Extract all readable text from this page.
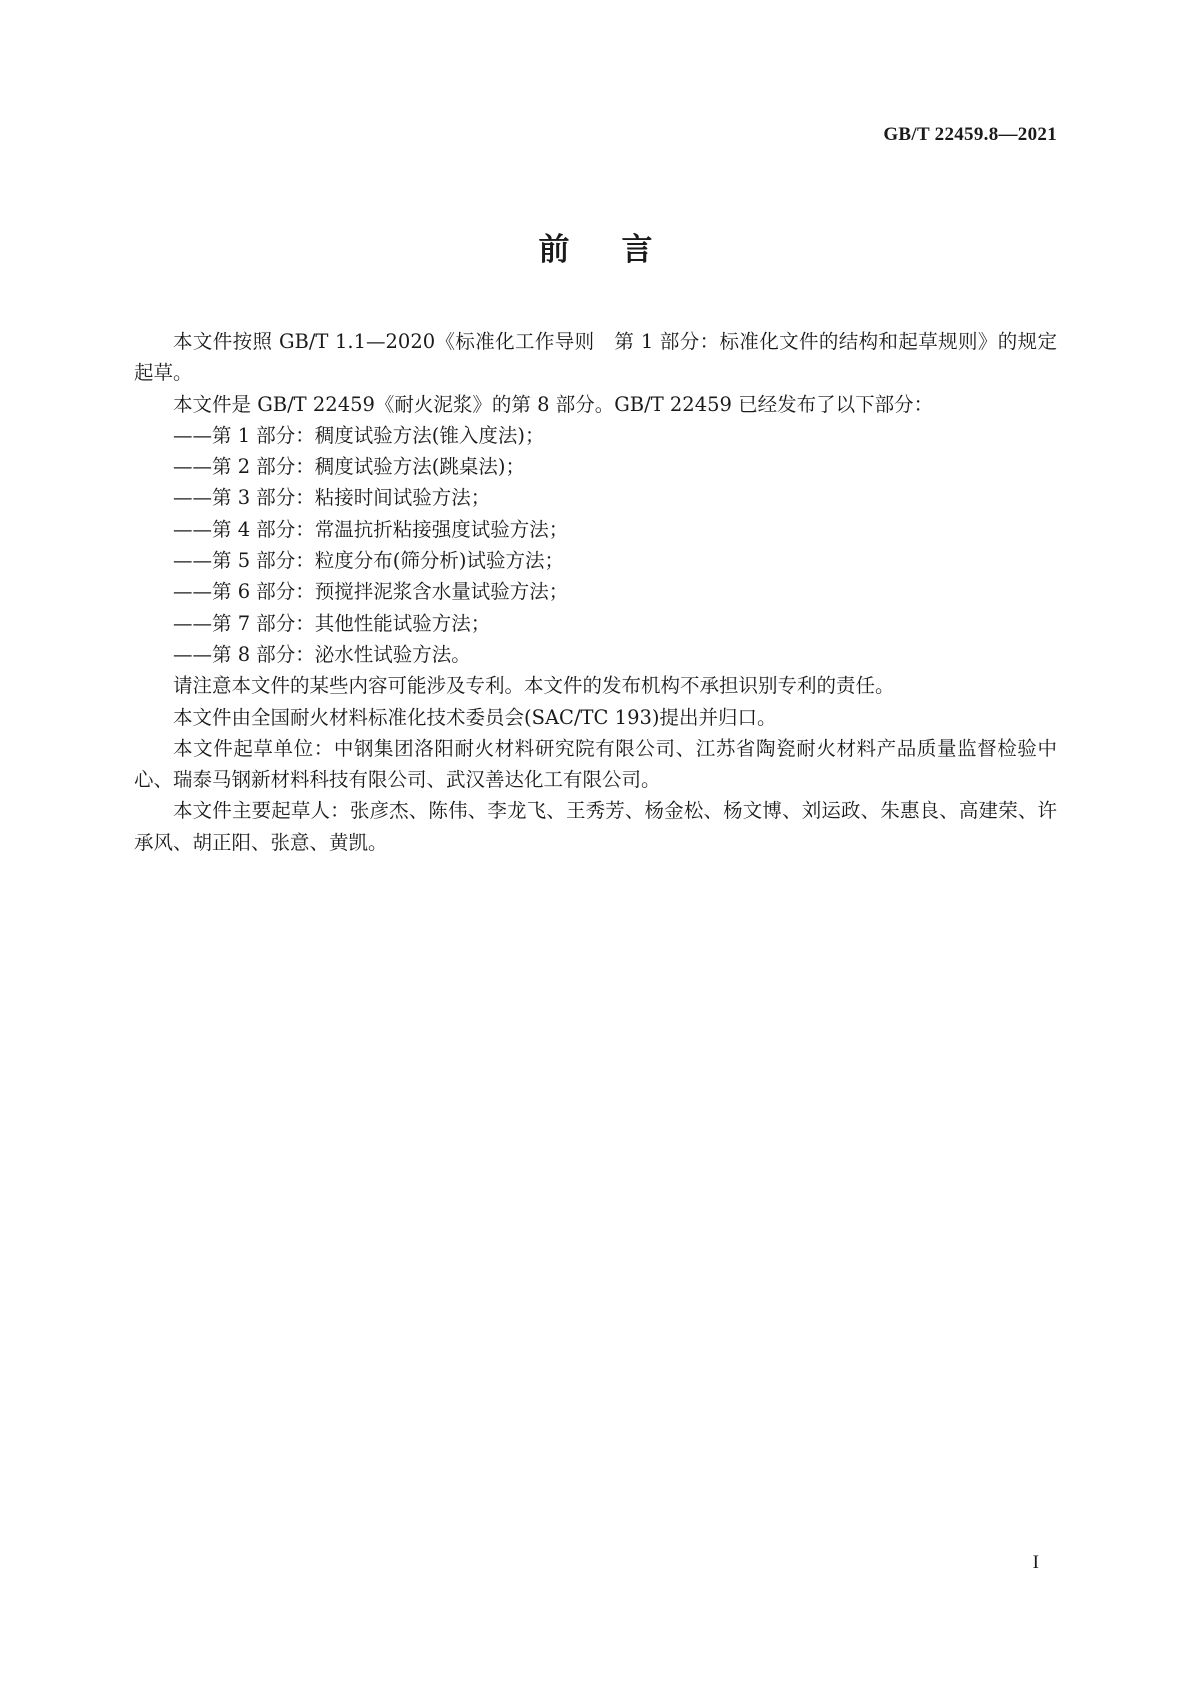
GB/T 22459.8—2021
前言

本文件按照 GB/T 1.1—2020《标准化工作导则　第 1 部分：标准化文件的结构和起草规则》的规定起草。

本文件是 GB/T 22459《耐火泥浆》的第 8 部分。GB/T 22459 已经发布了以下部分：

——第 1 部分：稠度试验方法(锥入度法)；

——第 2 部分：稠度试验方法(跳桌法)；

——第 3 部分：粘接时间试验方法；

——第 4 部分：常温抗折粘接强度试验方法；

——第 5 部分：粒度分布(筛分析)试验方法；

——第 6 部分：预搅拌泥浆含水量试验方法；

——第 7 部分：其他性能试验方法；

——第 8 部分：泌水性试验方法。

请注意本文件的某些内容可能涉及专利。本文件的发布机构不承担识别专利的责任。

本文件由全国耐火材料标准化技术委员会(SAC/TC 193)提出并归口。

本文件起草单位：中钢集团洛阳耐火材料研究院有限公司、江苏省陶瓷耐火材料产品质量监督检验中心、瑞泰马钢新材料科技有限公司、武汉善达化工有限公司。

本文件主要起草人：张彦杰、陈伟、李龙飞、王秀芳、杨金松、杨文博、刘运政、朱惠良、高建荣、许承风、胡正阳、张意、黄凯。

I
